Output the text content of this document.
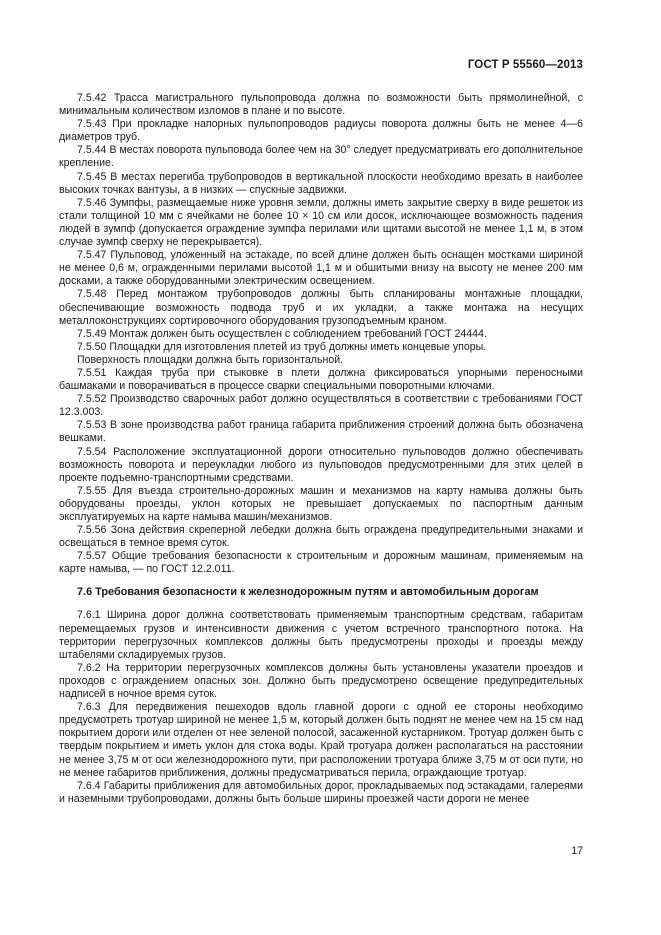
ГОСТ Р 55560—2013

7.5.42 Трасса магистрального пульпопровода должна по возможности быть прямолинейной, с минимальным количеством изломов в плане и по высоте.

7.5.43 При прокладке напорных пульпопроводов радиусы поворота должны быть не менее 4—6 диаметров труб.

7.5.44 В местах поворота пульповода более чем на 30° следует предусматривать его дополнительное крепление.

7.5.45 В местах перегиба трубопроводов в вертикальной плоскости необходимо врезать в наиболее высоких точках вантузы, а в низких — спускные задвижки.

7.5.46 Зумпфы, размещаемые ниже уровня земли, должны иметь закрытие сверху в виде решеток из стали толщиной 10 мм с ячейками не более 10 × 10 см или досок, исключающее возможность падения людей в зумпф (допускается ограждение зумпфа перилами или щитами высотой не менее 1,1 м, в этом случае зумпф сверху не перекрывается).

7.5.47 Пульповод, уложенный на эстакаде, по всей длине должен быть оснащен мостками шириной не менее 0,6 м, огражденными перилами высотой 1,1 м и обшитыми внизу на высоту не менее 200 мм досками, а также оборудованными электрическим освещением.

7.5.48 Перед монтажом трубопроводов должны быть спланированы монтажные площадки, обеспечивающие возможность подвода труб и их укладки, а также монтажа на несущих металлоконструкциях сортировочного оборудования грузоподъемным краном.

7.5.49 Монтаж должен быть осуществлен с соблюдением требований ГОСТ 24444.

7.5.50 Площадки для изготовления плетей из труб должны иметь концевые упоры.

Поверхность площадки должна быть горизонтальной.

7.5.51 Каждая труба при стыковке в плети должна фиксироваться упорными переносными башмаками и поворачиваться в процессе сварки специальными поворотными ключами.

7.5.52 Производство сварочных работ должно осуществляться в соответствии с требованиями ГОСТ 12.3.003.

7.5.53 В зоне производства работ граница габарита приближения строений должна быть обозначена вешками.

7.5.54 Расположение эксплуатационной дороги относительно пульповодов должно обеспечивать возможность поворота и переукладки любого из пульповодов предусмотренными для этих целей в проекте подъемно-транспортными средствами.

7.5.55 Для въезда строительно-дорожных машин и механизмов на карту намыва должны быть оборудованы проезды, уклон которых не превышает допускаемых по паспортным данным эксплуатируемых на карте намыва машин/механизмов.

7.5.56 Зона действия скреперной лебедки должна быть ограждена предупредительными знаками и освещаться в темное время суток.

7.5.57 Общие требования безопасности к строительным и дорожным машинам, применяемым на карте намыва, — по ГОСТ 12.2.011.

7.6 Требования безопасности к железнодорожным путям и автомобильным дорогам

7.6.1 Ширина дорог должна соответствовать применяемым транспортным средствам, габаритам перемещаемых грузов и интенсивности движения с учетом встречного транспортного потока. На территории перегрузочных комплексов должны быть предусмотрены проходы и проезды между штабелями складируемых грузов.

7.6.2 На территории перегрузочных комплексов должны быть установлены указатели проездов и проходов с ограждением опасных зон. Должно быть предусмотрено освещение предупредительных надписей в ночное время суток.

7.6.3 Для передвижения пешеходов вдоль главной дороги с одной ее стороны необходимо предусмотреть тротуар шириной не менее 1,5 м, который должен быть поднят не менее чем на 15 см над покрытием дороги или отделен от нее зеленой полосой, засаженной кустарником. Тротуар должен быть с твердым покрытием и иметь уклон для стока воды. Край тротуара должен располагаться на расстоянии не менее 3,75 м от оси железнодорожного пути, при расположении тротуара ближе 3,75 м от оси пути, но не менее габаритов приближения, должны предусматриваться перила, ограждающие тротуар.

7.6.4 Габариты приближения для автомобильных дорог, прокладываемых под эстакадами, галереями и наземными трубопроводами, должны быть больше ширины проезжей части дороги не менее

17
